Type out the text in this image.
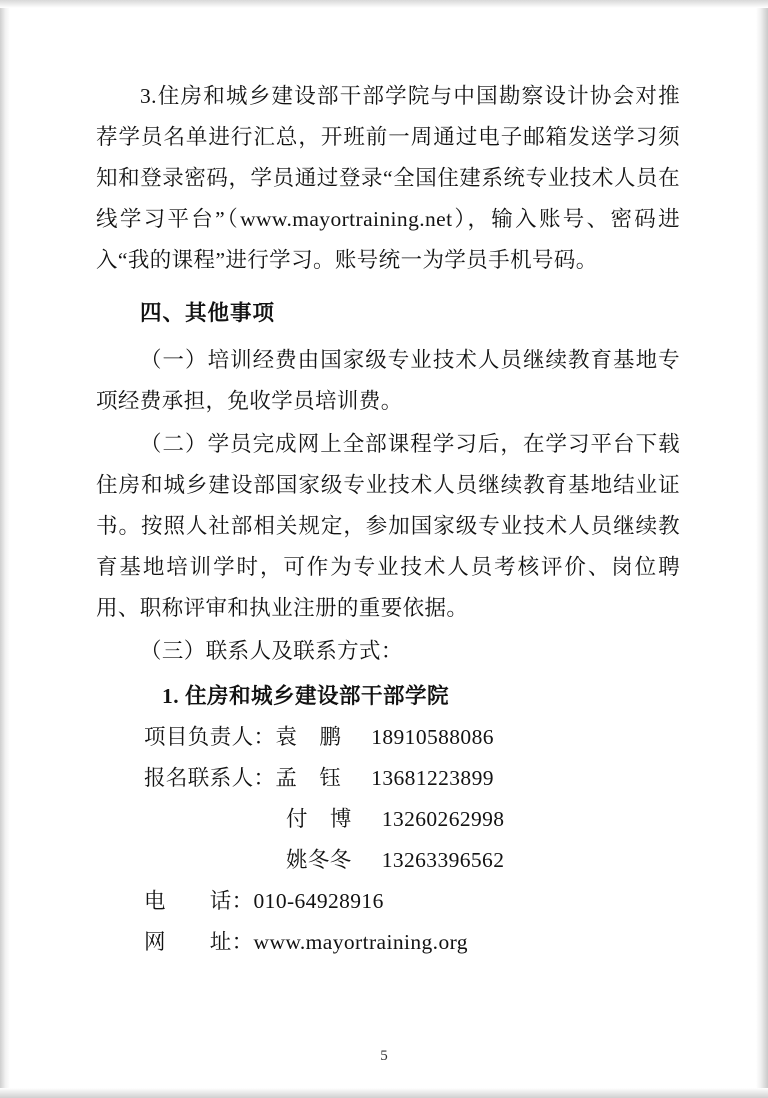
3.住房和城乡建设部干部学院与中国勘察设计协会对推荐学员名单进行汇总，开班前一周通过电子邮箱发送学习须知和登录密码，学员通过登录“全国住建系统专业技术人员在线学习平台”（www.mayortraining.net），输入账号、密码进入“我的课程”进行学习。账号统一为学员手机号码。

四、其他事项

（一）培训经费由国家级专业技术人员继续教育基地专项经费承担，免收学员培训费。

（二）学员完成网上全部课程学习后，在学习平台下载住房和城乡建设部国家级专业技术人员继续教育基地结业证书。按照人社部相关规定，参加国家级专业技术人员继续教育基地培训学时，可作为专业技术人员考核评价、岗位聘用、职称评审和执业注册的重要依据。

（三）联系人及联系方式：

1. 住房和城乡建设部干部学院

项目负责人：袁 鹏 18910588086

报名联系人：孟 钰 13681223899

付 博 13260262998

姚冬冬 13263396562

电　　话：010-64928916

网　　址：www.mayortraining.org

5
